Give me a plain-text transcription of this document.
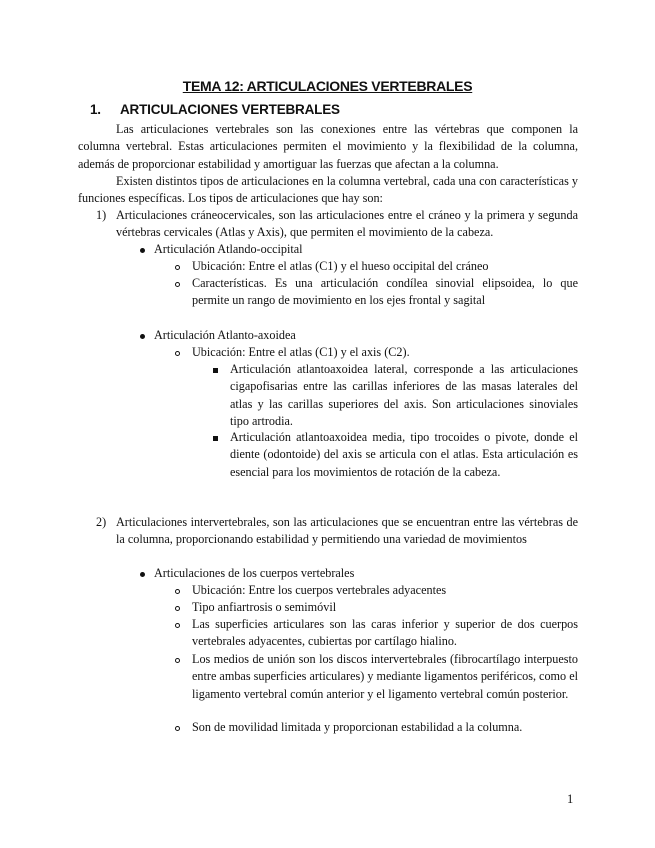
TEMA 12: ARTICULACIONES VERTEBRALES
1. ARTICULACIONES VERTEBRALES

Las articulaciones vertebrales son las conexiones entre las vértebras que componen la columna vertebral. Estas articulaciones permiten el movimiento y la flexibilidad de la columna, además de proporcionar estabilidad y amortiguar las fuerzas que afectan a la columna.

Existen distintos tipos de articulaciones en la columna vertebral, cada una con características y funciones específicas. Los tipos de articulaciones que hay son:

1) Articulaciones cráneocervicales, son las articulaciones entre el cráneo y la primera y segunda vértebras cervicales (Atlas y Axis), que permiten el movimiento de la cabeza.

Articulación Atlando-occipital

Ubicación: Entre el atlas (C1) y el hueso occipital del cráneo

Características. Es una articulación condílea sinovial elipsoidea, lo que permite un rango de movimiento en los ejes frontal y sagital

Articulación Atlanto-axoidea

Ubicación: Entre el atlas (C1) y el axis (C2).

Articulación atlantoaxoidea lateral, corresponde a las articulaciones cigapofisarias entre las carillas inferiores de las masas laterales del atlas y las carillas superiores del axis. Son articulaciones sinoviales tipo artrodia.

Articulación atlantoaxoidea media, tipo trocoides o pivote, donde el diente (odontoide) del axis se articula con el atlas. Esta articulación es esencial para los movimientos de rotación de la cabeza.

2) Articulaciones intervertebrales, son las articulaciones que se encuentran entre las vértebras de la columna, proporcionando estabilidad y permitiendo una variedad de movimientos

Articulaciones de los cuerpos vertebrales

Ubicación: Entre los cuerpos vertebrales adyacentes

Tipo anfiartrosis o semimóvil

Las superficies articulares son las caras inferior y superior de dos cuerpos vertebrales adyacentes, cubiertas por cartílago hialino.

Los medios de unión son los discos intervertebrales (fibrocartílago interpuesto entre ambas superficies articulares) y mediante ligamentos periféricos, como el ligamento vertebral común anterior y el ligamento vertebral común posterior.

Son de movilidad limitada y proporcionan estabilidad a la columna.

1
